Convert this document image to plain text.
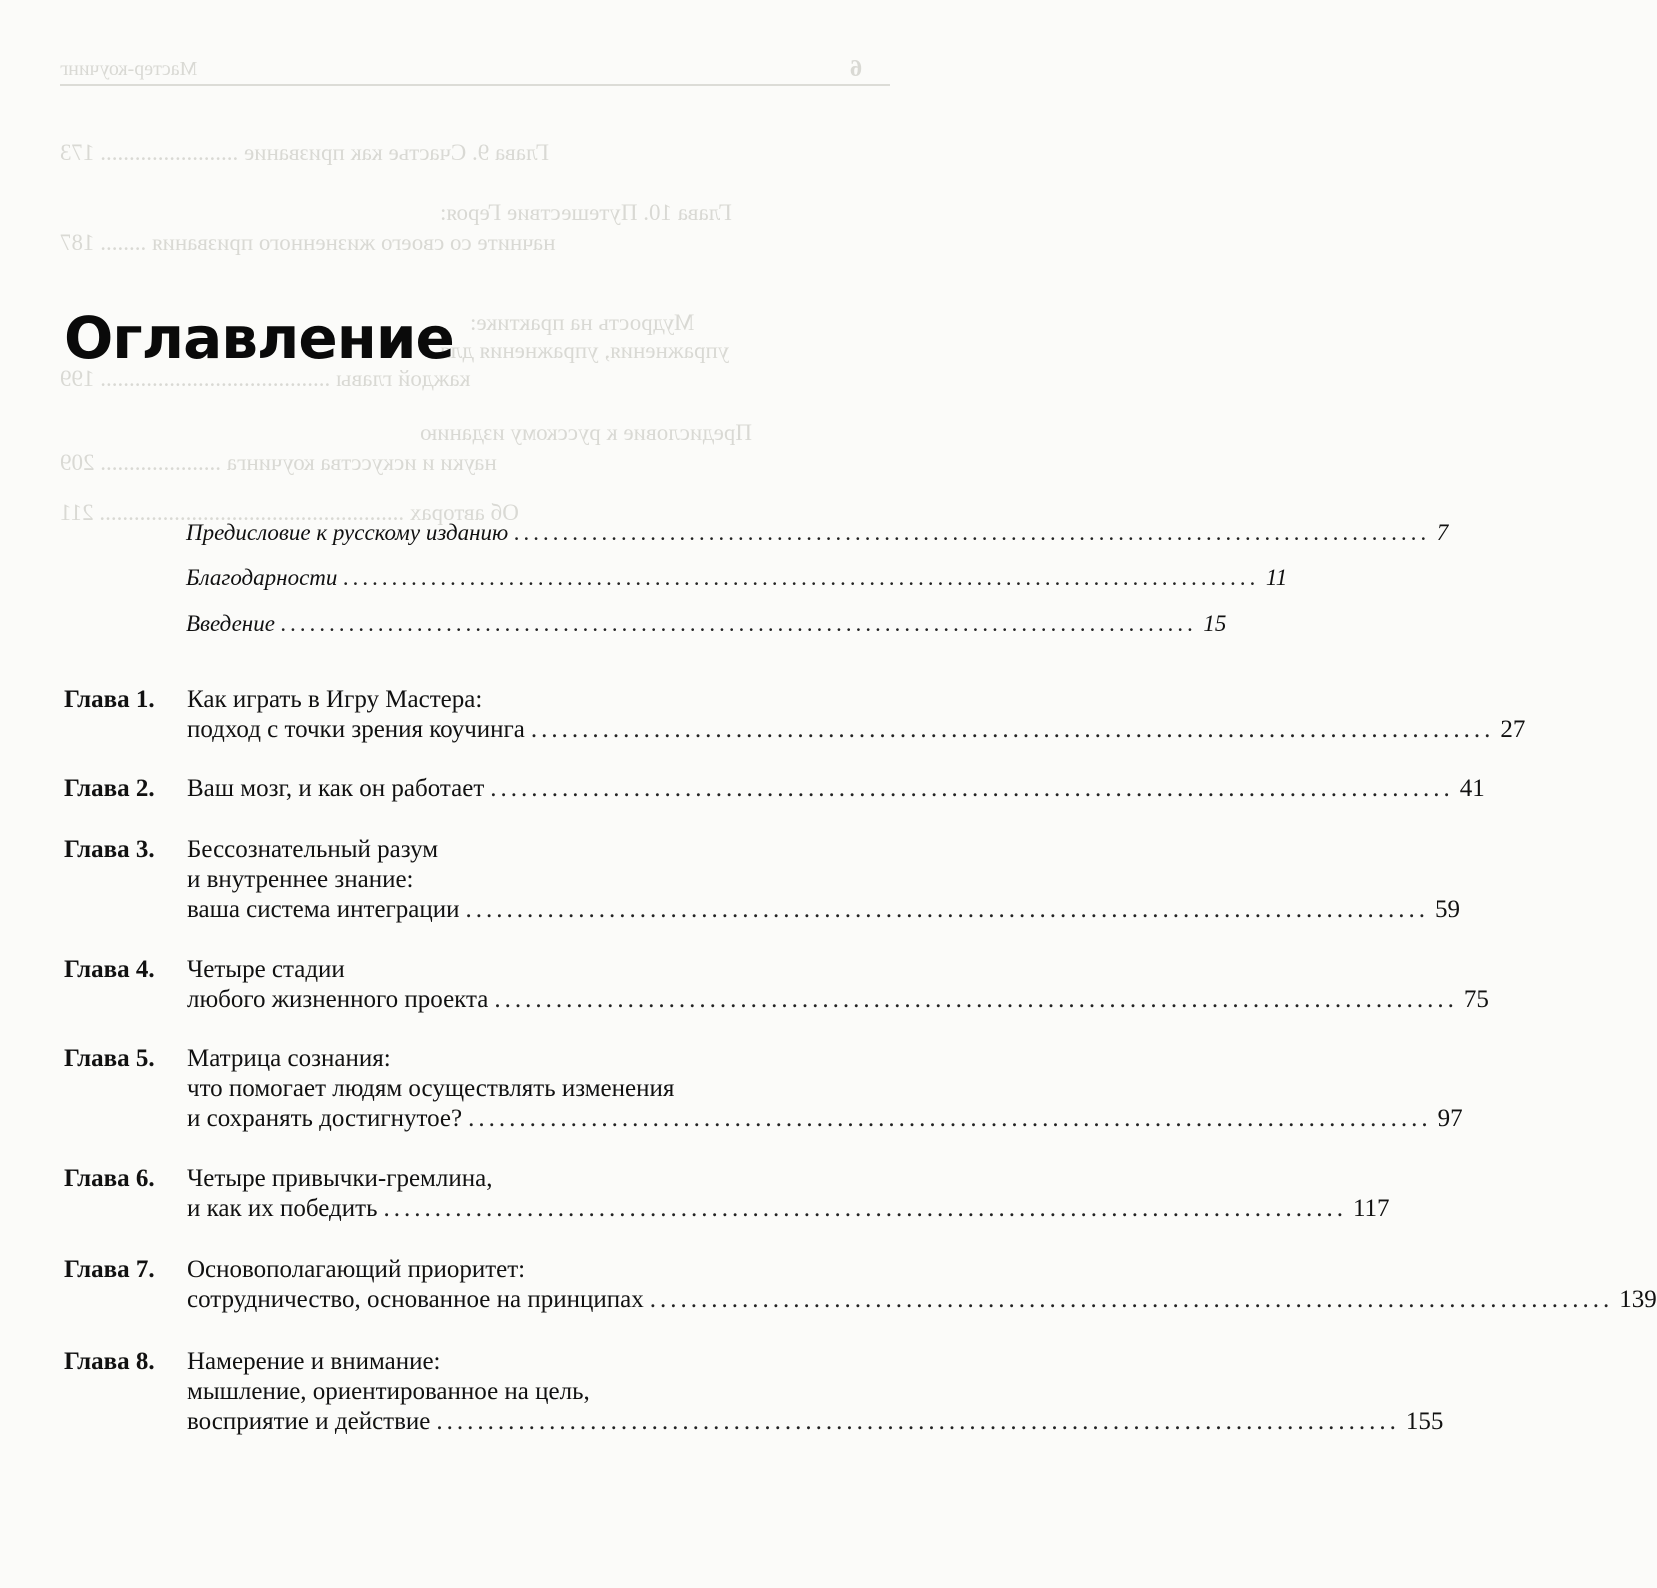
Мастер-коучинг	6
Глава 9. Счастье как призвание ........................ 173
Глава 10. Путешествие Героя:
начните со своего жизненного призвания ........ 187
Мудрость на практике:
упражнения, упражнения для
каждой главы ........................................ 199
Предисловие к русскому изданию
науки и искусства коучинга ..................... 209
Об авторах ..................................................... 211
Оглавление
Предисловие к русскому изданию .............................................................................................. 7
Благодарности .............................................................................................. 11
Введение .............................................................................................. 15
Глава 1. Как играть в Игру Мастера:
подход с точки зрения коучинга .............................................................................................. 27
Глава 2. Ваш мозг, и как он работает .............................................................................................. 41
Глава 3. Бессознательный разум
и внутреннее знание:
ваша система интеграции .............................................................................................. 59
Глава 4. Четыре стадии
любого жизненного проекта .............................................................................................. 75
Глава 5. Матрица сознания:
что помогает людям осуществлять изменения
и сохранять достигнутое? .............................................................................................. 97
Глава 6. Четыре привычки-гремлина,
и как их победить .............................................................................................. 117
Глава 7. Основополагающий приоритет:
сотрудничество, основанное на принципах .............................................................................................. 139
Глава 8. Намерение и внимание:
мышление, ориентированное на цель,
восприятие и действие .............................................................................................. 155
